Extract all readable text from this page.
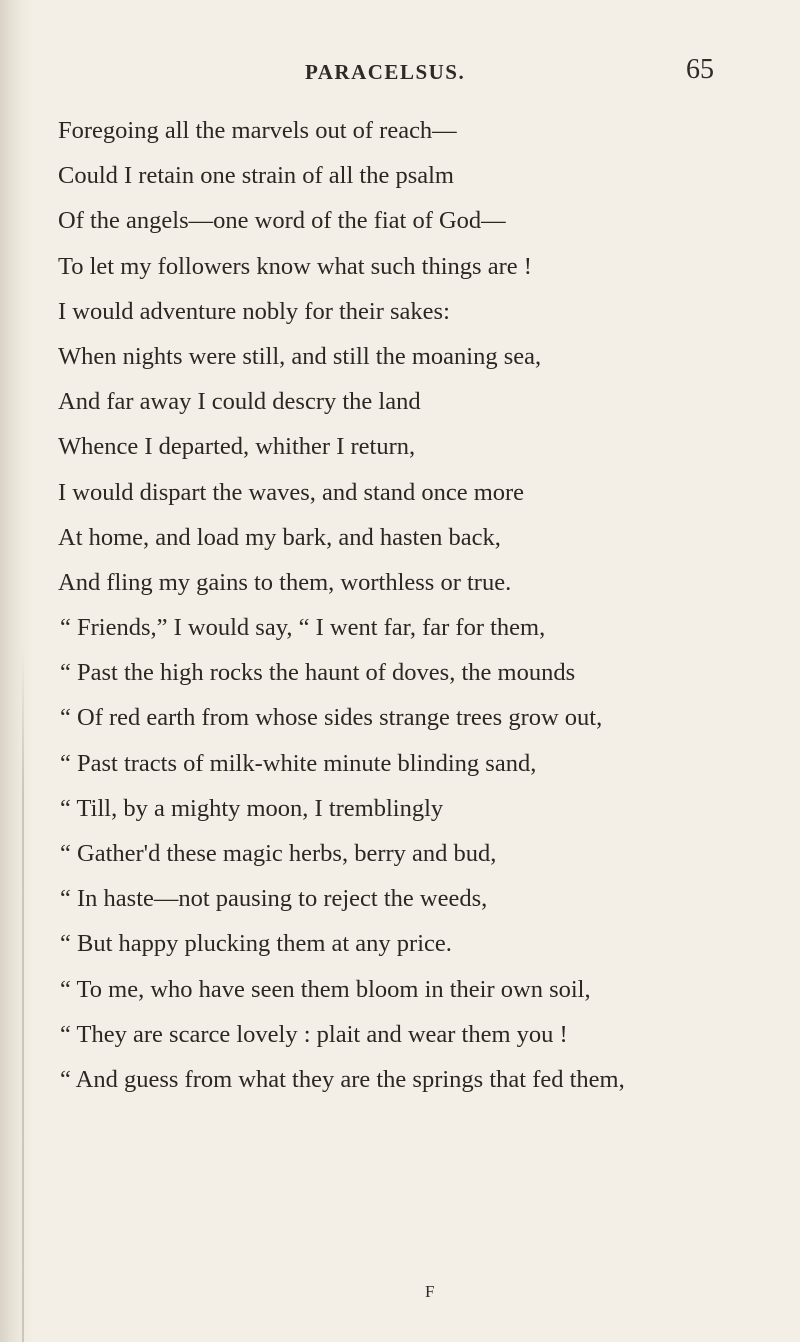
PARACELSUS.	65
Foregoing all the marvels out of reach—
Could I retain one strain of all the psalm
Of the angels—one word of the fiat of God—
To let my followers know what such things are !
I would adventure nobly for their sakes:
When nights were still, and still the moaning sea,
And far away I could descry the land
Whence I departed, whither I return,
I would dispart the waves, and stand once more
At home, and load my bark, and hasten back,
And fling my gains to them, worthless or true.
“ Friends,” I would say, “ I went far, far for them,
“ Past the high rocks the haunt of doves, the mounds
“ Of red earth from whose sides strange trees grow out,
“ Past tracts of milk-white minute blinding sand,
“ Till, by a mighty moon, I tremblingly
“ Gather'd these magic herbs, berry and bud,
“ In haste—not pausing to reject the weeds,
“ But happy plucking them at any price.
“ To me, who have seen them bloom in their own soil,
“ They are scarce lovely : plait and wear them you !
“ And guess from what they are the springs that fed them,
F
